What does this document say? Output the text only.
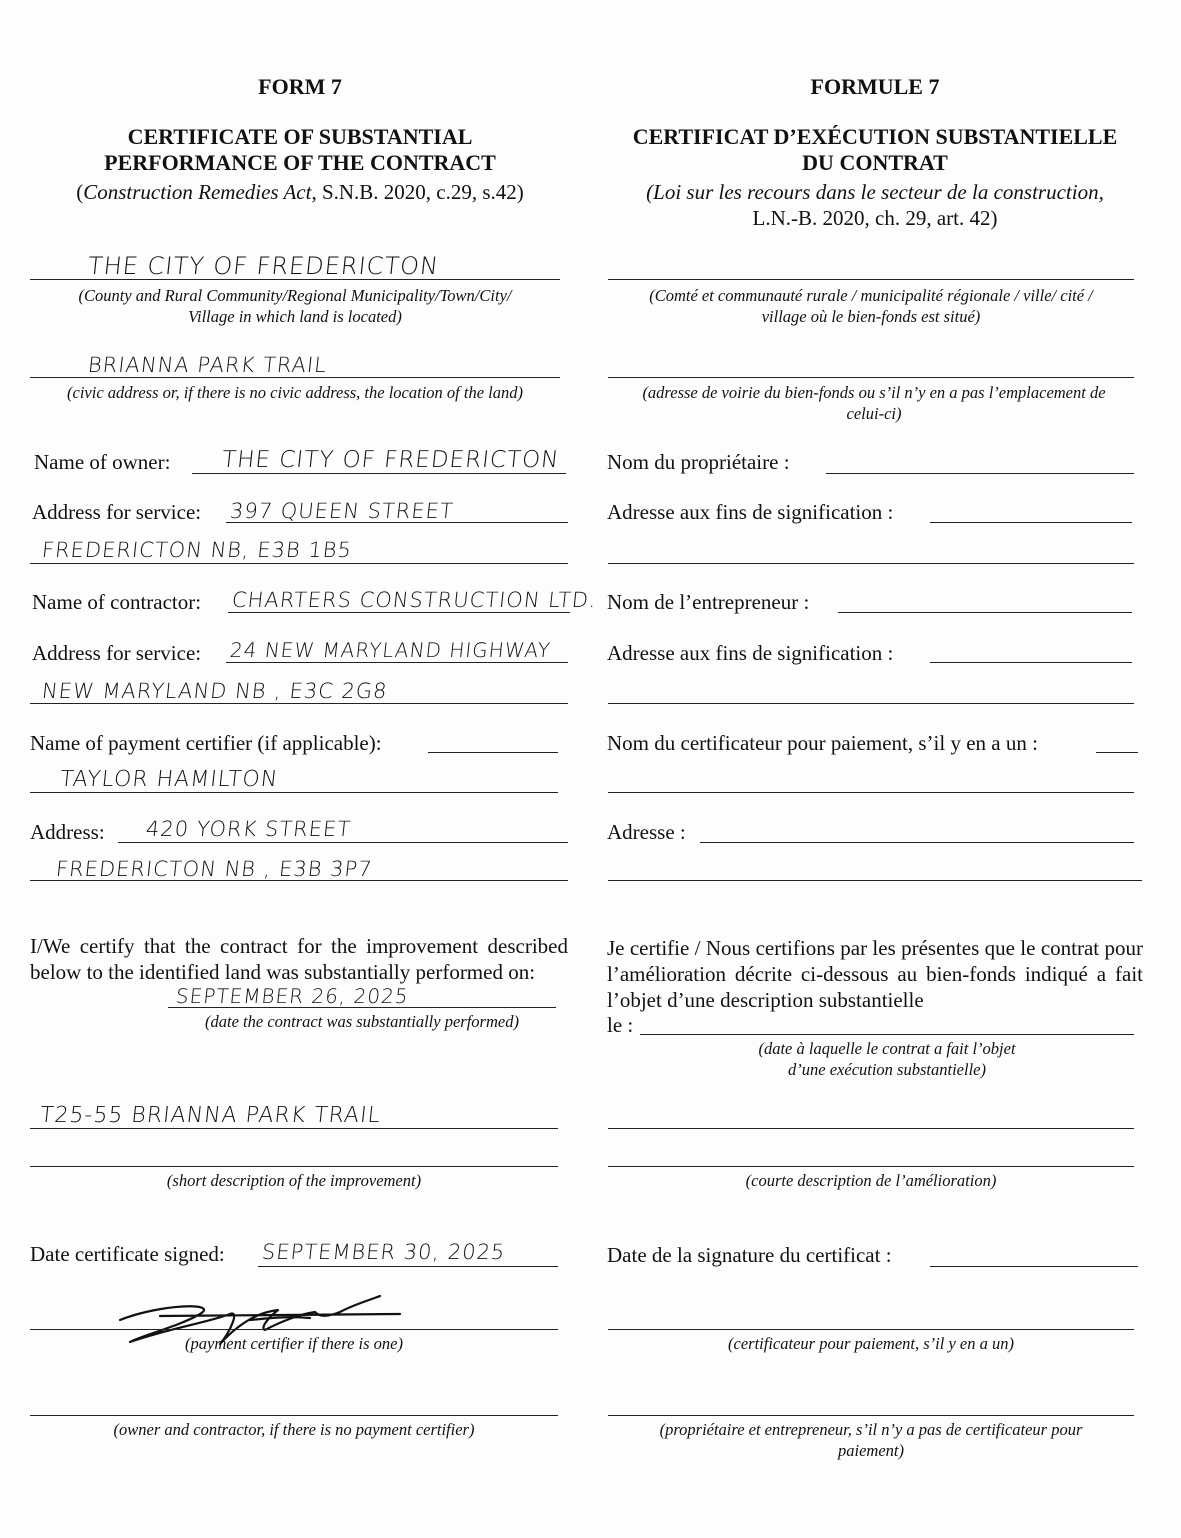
FORM 7
CERTIFICATE OF SUBSTANTIAL
PERFORMANCE OF THE CONTRACT
(Construction Remedies Act, S.N.B. 2020, c.29, s.42)
THE CITY OF FREDERICTON
(County and Rural Community/Regional Municipality/Town/City/
Village in which land is located)
BRIANNA PARK TRAIL
(civic address or, if there is no civic address, the location of the land)
Name of owner: THE CITY OF FREDERICTON
Address for service: 397 QUEEN STREET
FREDERICTON NB, E3B 1B5
Name of contractor: CHARTERS CONSTRUCTION LTD.
Address for service: 24 NEW MARYLAND HIGHWAY
NEW MARYLAND NB , E3C 2G8
Name of payment certifier (if applicable):
TAYLOR HAMILTON
Address: 420 YORK STREET
FREDERICTON NB , E3B 3P7
I/We certify that the contract for the improvement described below to the identified land was substantially performed on:
SEPTEMBER 26, 2025
(date the contract was substantially performed)
T25-55 BRIANNA PARK TRAIL
(short description of the improvement)
Date certificate signed: SEPTEMBER 30, 2025
(payment certifier if there is one)
(owner and contractor, if there is no payment certifier)
FORMULE 7
CERTIFICAT D’EXÉCUTION SUBSTANTIELLE
DU CONTRAT
(Loi sur les recours dans le secteur de la construction,
L.N.-B. 2020, ch. 29, art. 42)
(Comté et communauté rurale / municipalité régionale / ville/ cité /
village où le bien-fonds est situé)
(adresse de voirie du bien-fonds ou s’il n’y en a pas l’emplacement de
celui-ci)
Nom du propriétaire :
Adresse aux fins de signification :
Nom de l’entrepreneur :
Adresse aux fins de signification :
Nom du certificateur pour paiement, s’il y en a un :
Adresse :
Je certifie / Nous certifions par les présentes que le contrat pour l’amélioration décrite ci-dessous au bien-fonds indiqué a fait l’objet d’une description substantielle
le :
(date à laquelle le contrat a fait l’objet
d’une exécution substantielle)
(courte description de l’amélioration)
Date de la signature du certificat :
(certificateur pour paiement, s’il y en a un)
(propriétaire et entrepreneur, s’il n’y a pas de certificateur pour
paiement)
